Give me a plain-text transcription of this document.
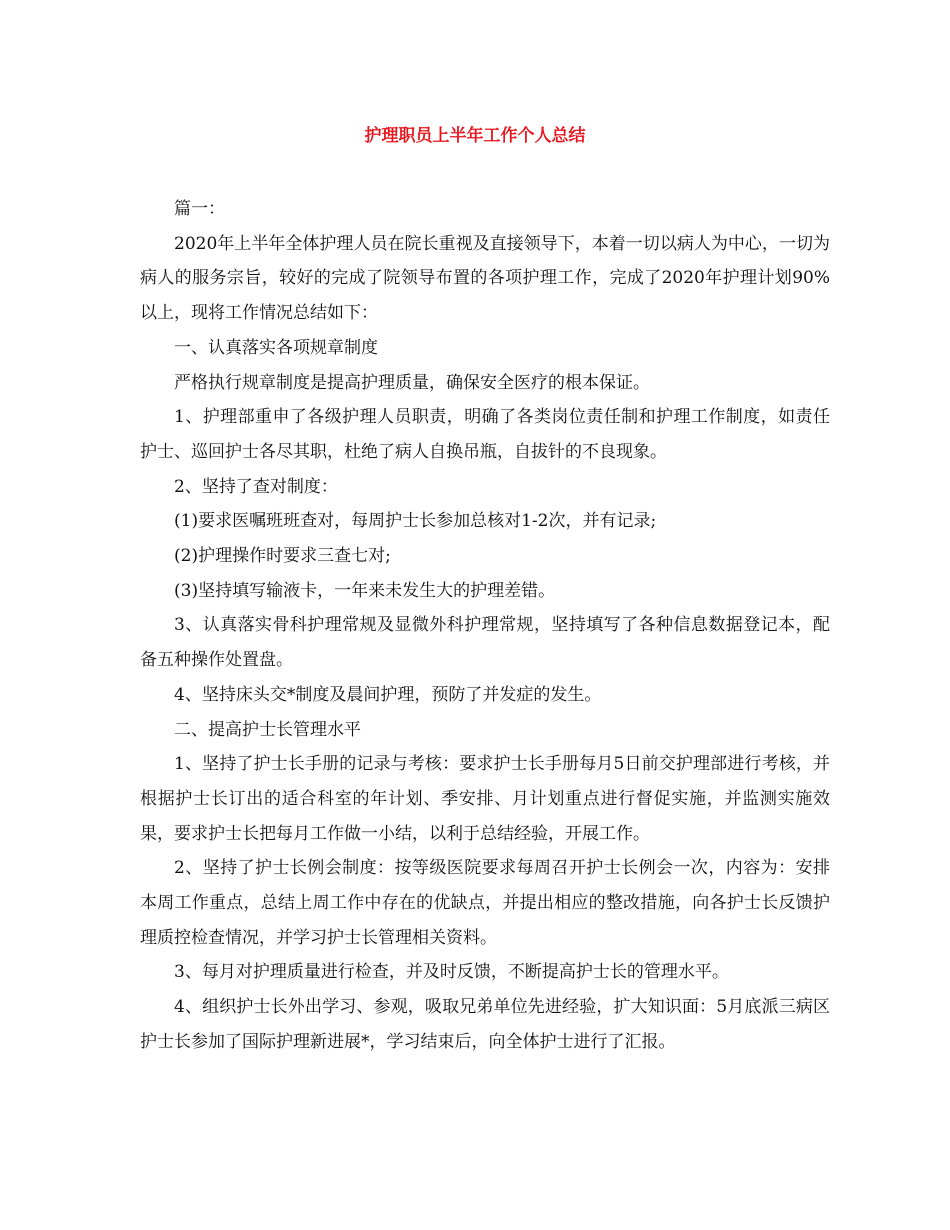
护理职员上半年工作个人总结

篇一：

2020年上半年全体护理人员在院长重视及直接领导下，本着一切以病人为中心，一切为病人的服务宗旨，较好的完成了院领导布置的各项护理工作，完成了2020年护理计划90%以上，现将工作情况总结如下：

一、认真落实各项规章制度

严格执行规章制度是提高护理质量，确保安全医疗的根本保证。

1、护理部重申了各级护理人员职责，明确了各类岗位责任制和护理工作制度，如责任护士、巡回护士各尽其职，杜绝了病人自换吊瓶，自拔针的不良现象。

2、坚持了查对制度：

(1)要求医嘱班班查对，每周护士长参加总核对1-2次，并有记录;

(2)护理操作时要求三查七对;

(3)坚持填写输液卡，一年来未发生大的护理差错。

3、认真落实骨科护理常规及显微外科护理常规，坚持填写了各种信息数据登记本，配备五种操作处置盘。

4、坚持床头交*制度及晨间护理，预防了并发症的发生。

二、提高护士长管理水平

1、坚持了护士长手册的记录与考核：要求护士长手册每月5日前交护理部进行考核，并根据护士长订出的适合科室的年计划、季安排、月计划重点进行督促实施，并监测实施效果，要求护士长把每月工作做一小结，以利于总结经验，开展工作。

2、坚持了护士长例会制度：按等级医院要求每周召开护士长例会一次，内容为：安排本周工作重点，总结上周工作中存在的优缺点，并提出相应的整改措施，向各护士长反馈护理质控检查情况，并学习护士长管理相关资料。

3、每月对护理质量进行检查，并及时反馈，不断提高护士长的管理水平。

4、组织护士长外出学习、参观，吸取兄弟单位先进经验，扩大知识面：5月底派三病区护士长参加了国际护理新进展*，学习结束后，向全体护士进行了汇报。
